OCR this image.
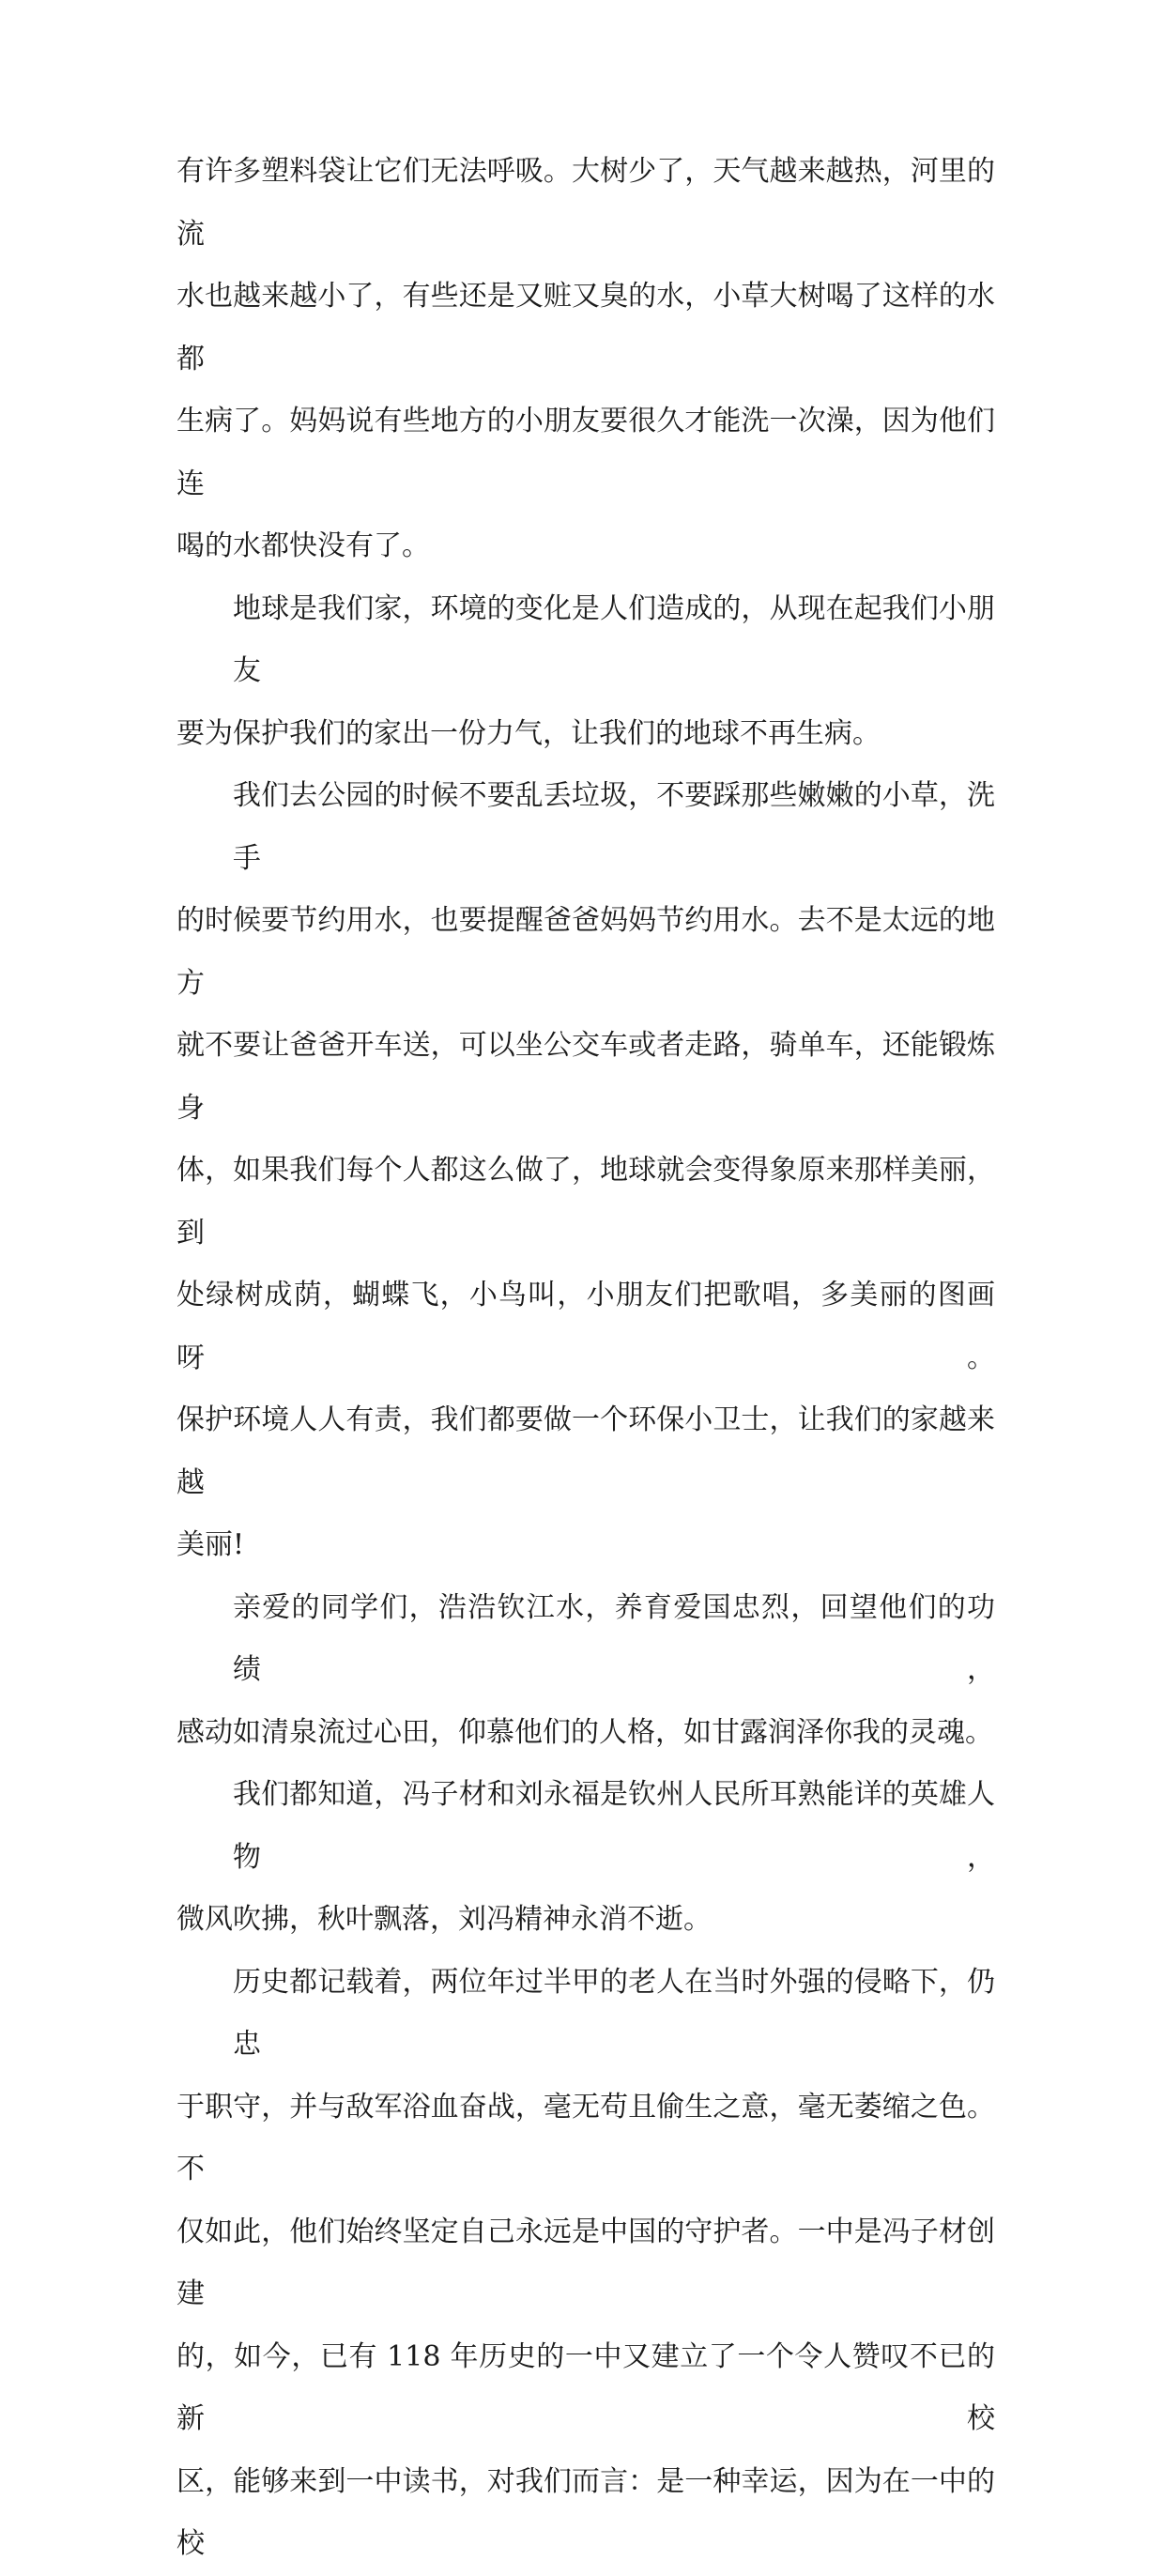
有许多塑料袋让它们无法呼吸。大树少了，天气越来越热，河里的流
水也越来越小了，有些还是又赃又臭的水，小草大树喝了这样的水都
生病了。妈妈说有些地方的小朋友要很久才能洗一次澡，因为他们连
喝的水都快没有了。

地球是我们家，环境的变化是人们造成的，从现在起我们小朋友
要为保护我们的家出一份力气，让我们的地球不再生病。

我们去公园的时候不要乱丢垃圾，不要踩那些嫩嫩的小草，洗手
的时候要节约用水，也要提醒爸爸妈妈节约用水。去不是太远的地方
就不要让爸爸开车送，可以坐公交车或者走路，骑单车，还能锻炼身
体，如果我们每个人都这么做了，地球就会变得象原来那样美丽，到
处绿树成荫，蝴蝶飞，小鸟叫，小朋友们把歌唱，多美丽的图画呀。
保护环境人人有责，我们都要做一个环保小卫士，让我们的家越来越
美丽!

亲爱的同学们，浩浩钦江水，养育爱国忠烈，回望他们的功绩，
感动如清泉流过心田，仰慕他们的人格，如甘露润泽你我的灵魂。

我们都知道，冯子材和刘永福是钦州人民所耳熟能详的英雄人物，
微风吹拂，秋叶飘落，刘冯精神永消不逝。

历史都记载着，两位年过半甲的老人在当时外强的侵略下，仍忠
于职守，并与敌军浴血奋战，毫无苟且偷生之意，毫无萎缩之色。不
仅如此，他们始终坚定自己永远是中国的守护者。一中是冯子材创建
的，如今，已有 118 年历史的一中又建立了一个令人赞叹不已的新校
区，能够来到一中读书，对我们而言：是一种幸运，因为在一中的校
